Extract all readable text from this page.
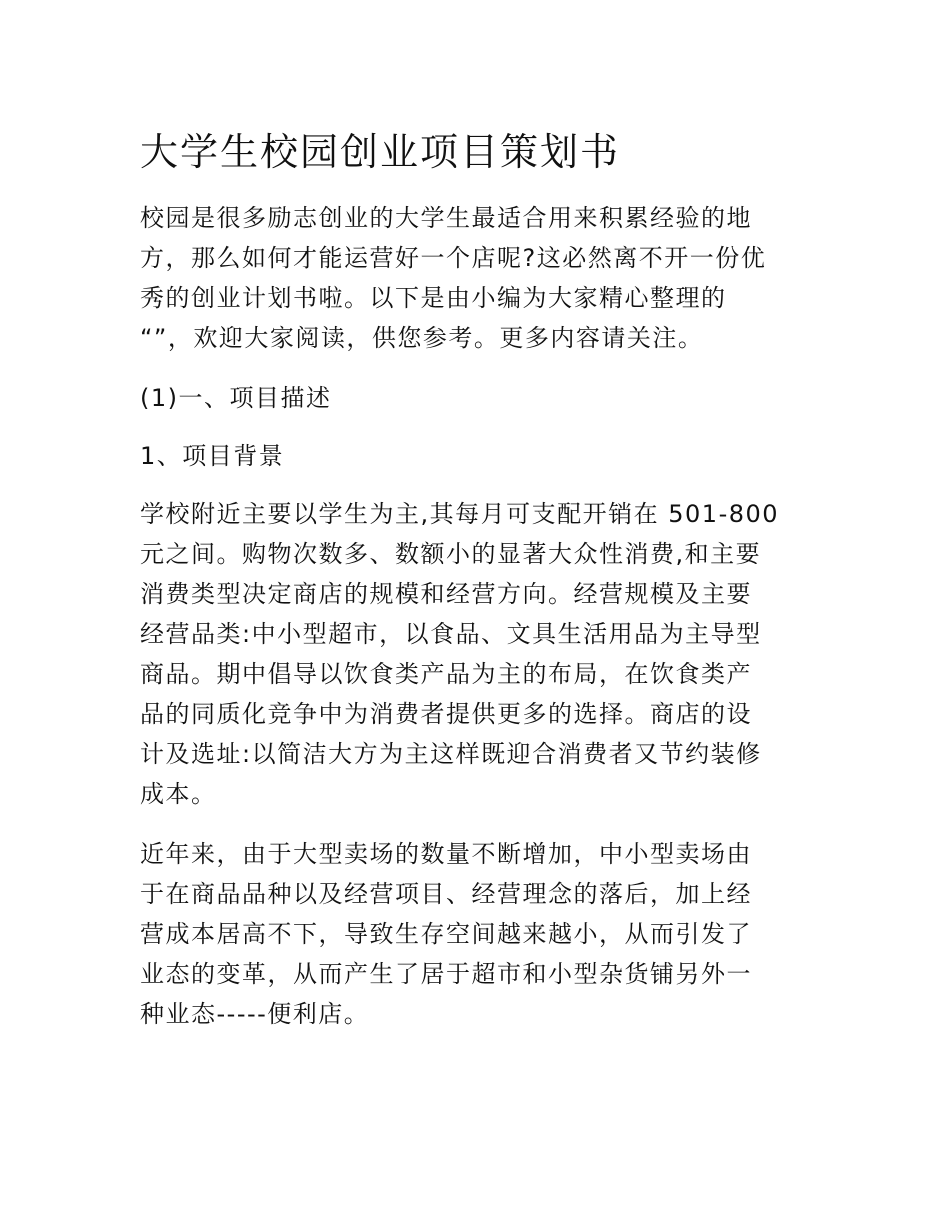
大学生校园创业项目策划书

校园是很多励志创业的大学生最适合用来积累经验的地
方，那么如何才能运营好一个店呢?这必然离不开一份优
秀的创业计划书啦。以下是由小编为大家精心整理的
“”，欢迎大家阅读，供您参考。更多内容请关注。

(1)一、项目描述
1、项目背景

学校附近主要以学生为主,其每月可支配开销在 501-800
元之间。购物次数多、数额小的显著大众性消费,和主要
消费类型决定商店的规模和经营方向。经营规模及主要
经营品类:中小型超市，以食品、文具生活用品为主导型
商品。期中倡导以饮食类产品为主的布局，在饮食类产
品的同质化竞争中为消费者提供更多的选择。商店的设
计及选址:以简洁大方为主这样既迎合消费者又节约装修
成本。

近年来，由于大型卖场的数量不断增加，中小型卖场由
于在商品品种以及经营项目、经营理念的落后，加上经
营成本居高不下，导致生存空间越来越小，从而引发了
业态的变革，从而产生了居于超市和小型杂货铺另外一
种业态-----便利店。
